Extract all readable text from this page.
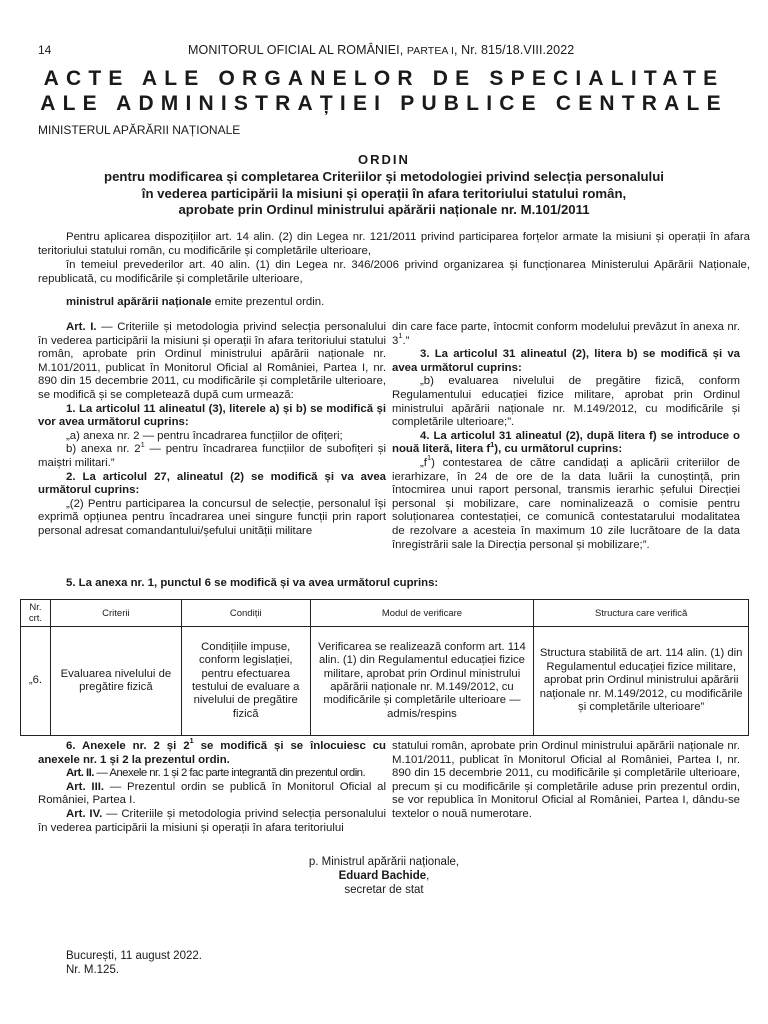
14	MONITORUL OFICIAL AL ROMÂNIEI, PARTEA I, Nr. 815/18.VIII.2022
ACTE ALE ORGANELOR DE SPECIALITATE
ALE ADMINISTRAȚIEI PUBLICE CENTRALE
MINISTERUL APĂRĂRII NAȚIONALE
ORDIN
pentru modificarea și completarea Criteriilor și metodologiei privind selecția personalului
în vederea participării la misiuni și operații în afara teritoriului statului român,
aprobate prin Ordinul ministrului apărării naționale nr. M.101/2011
Pentru aplicarea dispozițiilor art. 14 alin. (2) din Legea nr. 121/2011 privind participarea forțelor armate la misiuni și operații în afara teritoriului statului român, cu modificările și completările ulterioare,
în temeiul prevederilor art. 40 alin. (1) din Legea nr. 346/2006 privind organizarea și funcționarea Ministerului Apărării Naționale, republicată, cu modificările și completările ulterioare,
ministrul apărării naționale emite prezentul ordin.

Art. I. — Criteriile și metodologia privind selecția personalului în vederea participării la misiuni și operații în afara teritoriului statului român, aprobate prin Ordinul ministrului apărării naționale nr. M.101/2011, publicat în Monitorul Oficial al României, Partea I, nr. 890 din 15 decembrie 2011, cu modificările și completările ulterioare, se modifică și se completează după cum urmează:

1. La articolul 11 alineatul (3), literele a) și b) se modifică și vor avea următorul cuprins:

„a) anexa nr. 2 — pentru încadrarea funcțiilor de ofițeri;

b) anexa nr. $2^1$ — pentru încadrarea funcțiilor de subofițeri și maiștri militari.”

2. La articolul 27, alineatul (2) se modifică și va avea următorul cuprins:

„(2) Pentru participarea la concursul de selecție, personalul își exprimă opțiunea pentru încadrarea unei singure funcții prin raport personal adresat comandantului/șefului unității militare

din care face parte, întocmit conform modelului prevăzut în anexa nr. $3^1$.”

3. La articolul 31 alineatul (2), litera b) se modifică și va avea următorul cuprins:

„b) evaluarea nivelului de pregătire fizică, conform Regulamentului educației fizice militare, aprobat prin Ordinul ministrului apărării naționale nr. M.149/2012, cu modificările și completările ulterioare;”.

4. La articolul 31 alineatul (2), după litera f) se introduce o nouă literă, litera $f^1$), cu următorul cuprins:

$„f^1$) contestarea de către candidați a aplicării criteriilor de ierarhizare, în 24 de ore de la data luării la cunoștință, prin întocmirea unui raport personal, transmis ierarhic șefului Direcției personal și mobilizare, care nominalizează o comisie pentru soluționarea contestației, ce comunică contestatarului modalitatea de rezolvare a acesteia în maximum 10 zile lucrătoare de la data înregistrării sale la Direcția personal și mobilizare;”.

5. La anexa nr. 1, punctul 6 se modifică și va avea următorul cuprins:
Nr. crt.	Criterii	Condiții	Modul de verificare	Structura care verifică
„6.	Evaluarea nivelului de pregătire fizică	Condițiile impuse, conform legislației, pentru efectuarea testului de evaluare a nivelului de pregătire fizică	Verificarea se realizează conform art. 114 alin. (1) din Regulamentul educației fizice militare, aprobat prin Ordinul ministrului apărării naționale nr. M.149/2012, cu modificările și completările ulterioare — admis/respins	Structura stabilită de art. 114 alin. (1) din Regulamentul educației fizice militare, aprobat prin Ordinul ministrului apărării naționale nr. M.149/2012, cu modificările și completările ulterioare”

6. Anexele nr. 2 și $2^1$ se modifică și se înlocuiesc cu anexele nr. 1 și 2 la prezentul ordin.

Art. II. — Anexele nr. 1 și 2 fac parte integrantă din prezentul ordin.

Art. III. — Prezentul ordin se publică în Monitorul Oficial al României, Partea I.

Art. IV. — Criteriile și metodologia privind selecția personalului în vederea participării la misiuni și operații în afara teritoriului

statului român, aprobate prin Ordinul ministrului apărării naționale nr. M.101/2011, publicat în Monitorul Oficial al României, Partea I, nr. 890 din 15 decembrie 2011, cu modificările și completările ulterioare, precum și cu modificările și completările aduse prin prezentul ordin, se vor republica în Monitorul Oficial al României, Partea I, dându-se textelor o nouă numerotare.

p. Ministrul apărării naționale,
Eduard Bachide,
secretar de stat
București, 11 august 2022.
Nr. M.125.
